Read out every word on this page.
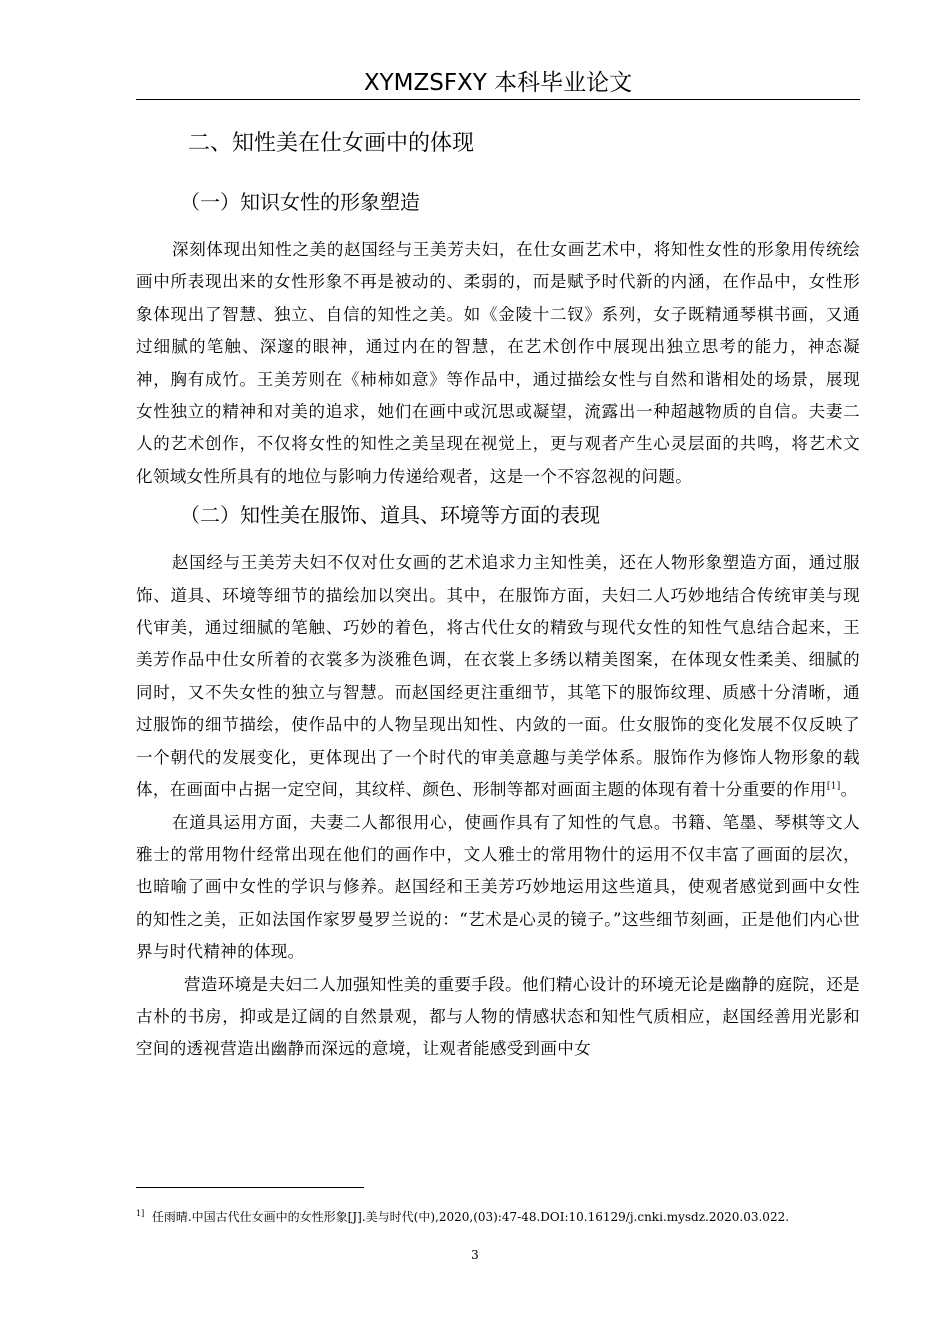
XYMZSFXY 本科毕业论文
二、知性美在仕女画中的体现
（一）知识女性的形象塑造

深刻体现出知性之美的赵国经与王美芳夫妇，在仕女画艺术中，将知性女性的形象用传统绘画中所表现出来的女性形象不再是被动的、柔弱的，而是赋予时代新的内涵，在作品中，女性形象体现出了智慧、独立、自信的知性之美。如《金陵十二钗》系列，女子既精通琴棋书画，又通过细腻的笔触、深邃的眼神，通过内在的智慧，在艺术创作中展现出独立思考的能力，神态凝神，胸有成竹。王美芳则在《柿柿如意》等作品中，通过描绘女性与自然和谐相处的场景，展现女性独立的精神和对美的追求，她们在画中或沉思或凝望，流露出一种超越物质的自信。夫妻二人的艺术创作，不仅将女性的知性之美呈现在视觉上，更与观者产生心灵层面的共鸣，将艺术文化领域女性所具有的地位与影响力传递给观者，这是一个不容忽视的问题。

（二）知性美在服饰、道具、环境等方面的表现

赵国经与王美芳夫妇不仅对仕女画的艺术追求力主知性美，还在人物形象塑造方面，通过服饰、道具、环境等细节的描绘加以突出。其中，在服饰方面，夫妇二人巧妙地结合传统审美与现代审美，通过细腻的笔触、巧妙的着色，将古代仕女的精致与现代女性的知性气息结合起来，王美芳作品中仕女所着的衣裳多为淡雅色调，在衣裳上多绣以精美图案，在体现女性柔美、细腻的同时，又不失女性的独立与智慧。而赵国经更注重细节，其笔下的服饰纹理、质感十分清晰，通过服饰的细节描绘，使作品中的人物呈现出知性、内敛的一面。仕女服饰的变化发展不仅反映了一个朝代的发展变化，更体现出了一个时代的审美意趣与美学体系。服饰作为修饰人物形象的载体，在画面中占据一定空间，其纹样、颜色、形制等都对画面主题的体现有着十分重要的作用[1]。

在道具运用方面，夫妻二人都很用心，使画作具有了知性的气息。书籍、笔墨、琴棋等文人雅士的常用物什经常出现在他们的画作中，文人雅士的常用物什的运用不仅丰富了画面的层次，也暗喻了画中女性的学识与修养。赵国经和王美芳巧妙地运用这些道具，使观者感觉到画中女性的知性之美，正如法国作家罗曼罗兰说的：“艺术是心灵的镜子。”这些细节刻画，正是他们内心世界与时代精神的体现。

营造环境是夫妇二人加强知性美的重要手段。他们精心设计的环境无论是幽静的庭院，还是古朴的书房，抑或是辽阔的自然景观，都与人物的情感状态和知性气质相应，赵国经善用光影和空间的透视营造出幽静而深远的意境，让观者能感受到画中女

$^{1]}$ 任雨晴.中国古代仕女画中的女性形象[J].美与时代(中),2020,(03):47-48.DOI:10.16129/j.cnki.mysdz.2020.03.022.
3
